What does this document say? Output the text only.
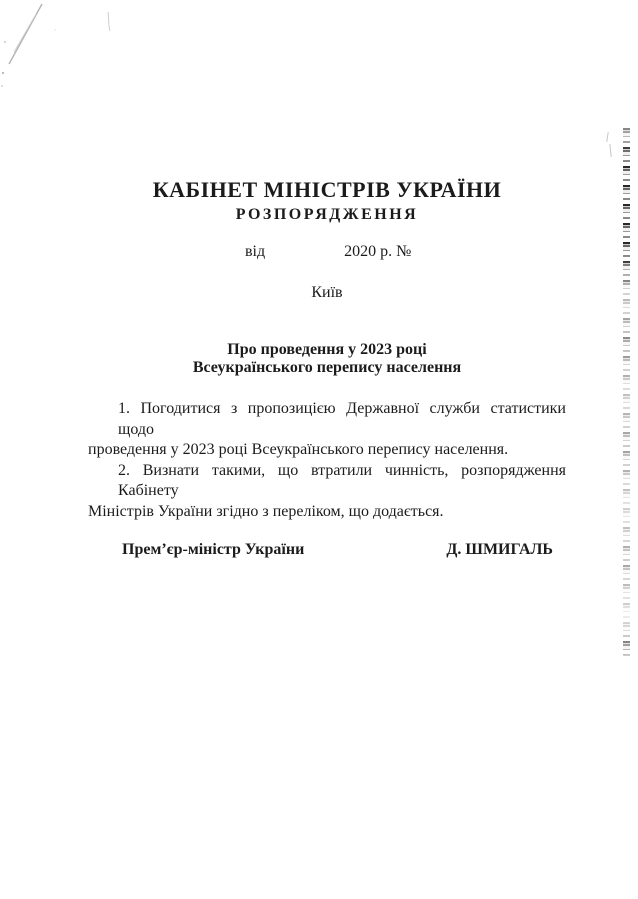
КАБІНЕТ МІНІСТРІВ УКРАЇНИ
РОЗПОРЯДЖЕННЯ
від	2020 р. №
Київ
Про проведення у 2023 році
Всеукраїнського перепису населення

1. Погодитися з пропозицією Державної служби статистики щодо
проведення у 2023 році Всеукраїнського перепису населення.

2. Визнати такими, що втратили чинність, розпорядження Кабінету
Міністрів України згідно з переліком, що додається.

Прем’єр-міністр України	Д. ШМИГАЛЬ
